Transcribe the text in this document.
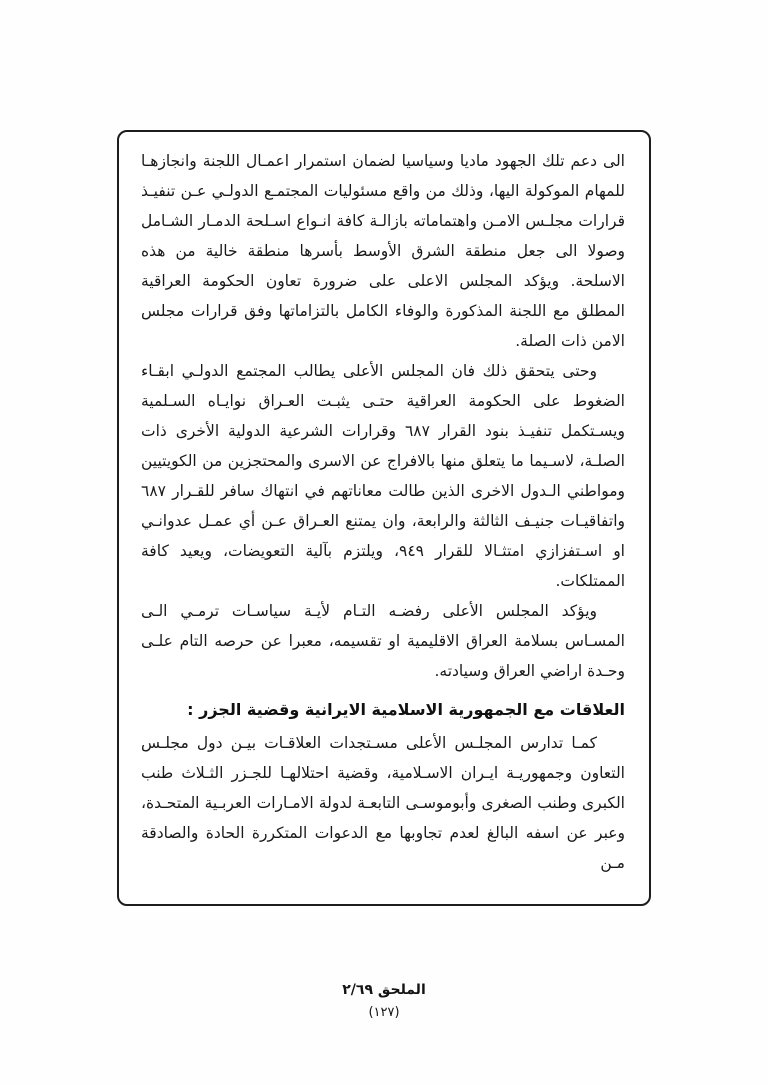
الى دعم تلك الجهود ماديا وسياسيا لضمان استمرار اعمـال اللجنة وانجازهـا للمهام الموكولة اليها، وذلك من واقع مسئوليات المجتمـع الدولـي عـن تنفيـذ قرارات مجلـس الامـن واهتماماته بازالـة كافة انـواع اسـلحة الدمـار الشـامل وصولا الى جعل منطقة الشرق الأوسط بأسرها منطقة خالية من هذه الاسلحة. ويؤكد المجلس الاعلى على ضرورة تعاون الحكومة العراقية المطلق مع اللجنة المذكورة والوفاء الكامل بالتزاماتها وفق قرارات مجلس الامن ذات الصلة.

وحتى يتحقق ذلك فان المجلس الأعلى يطالب المجتمع الدولـي ابقـاء الضغوط على الحكومة العراقية حتـى يثبـت العـراق نوايـاه السـلمية ويسـتكمل تنفيـذ بنود القرار ٦٨٧ وقرارات الشرعية الدولية الأخرى ذات الصلـة، لاسـيما ما يتعلق منها بالافراج عن الاسرى والمحتجزين من الكويتيين ومواطني الـدول الاخرى الذين طالت معاناتهم في انتهاك سافر للقـرار ٦٨٧ واتفاقيـات جنيـف الثالثة والرابعة، وان يمتنع العـراق عـن أي عمـل عدوانـي او اسـتفزازي امتثـالا للقرار ٩٤٩، ويلتزم بآلية التعويضات، ويعيد كافة الممتلكات.

ويؤكد المجلس الأعلى رفضـه التـام لأيـة سياسـات ترمـي الـى المسـاس بسلامة العراق الاقليمية او تقسيمه، معبرا عن حرصه التام علـى وحـدة اراضي العراق وسيادته.

العلاقات مع الجمهورية الاسلامية الايرانية وقضية الجزر :

كمـا تدارس المجلـس الأعلى مسـتجدات العلاقـات بيـن دول مجلـس التعاون وجمهوريـة ايـران الاسـلامية، وقضية احتلالهـا للجـزر الثـلاث طنب الكبرى وطنب الصغرى وأبوموسـى التابعـة لدولة الامـارات العربـية المتحـدة، وعبر عن اسفه البالغ لعدم تجاوبها مع الدعوات المتكررة الحادة والصادقة مـن

الملحق ٢/٦٩
(١٢٧)
